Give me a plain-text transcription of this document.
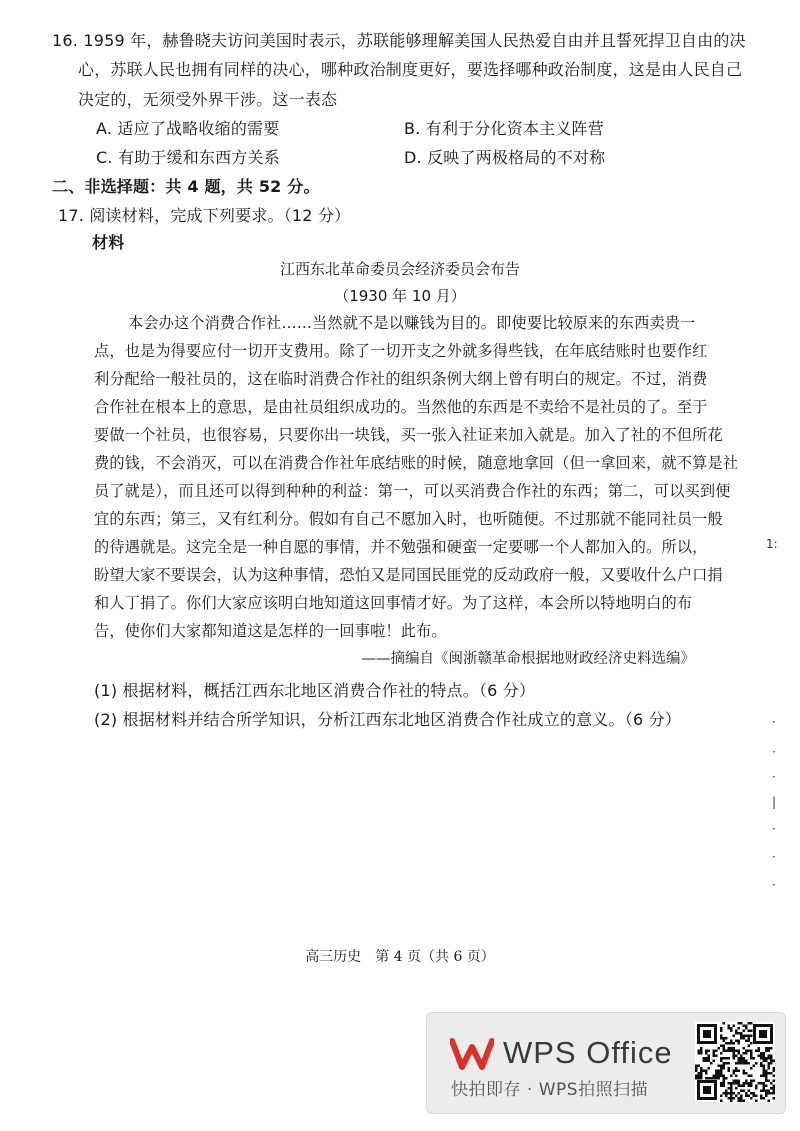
16. 1959 年，赫鲁晓夫访问美国时表示，苏联能够理解美国人民热爱自由并且誓死捍卫自由的决
心，苏联人民也拥有同样的决心，哪种政治制度更好，要选择哪种政治制度，这是由人民自己
决定的，无须受外界干涉。这一表态
A. 适应了战略收缩的需要	B. 有利于分化资本主义阵营
C. 有助于缓和东西方关系	D. 反映了两极格局的不对称
二、非选择题：共 4 题，共 52 分。
17. 阅读材料，完成下列要求。（12 分）
材料
江西东北革命委员会经济委员会布告
（1930 年 10 月）
本会办这个消费合作社……当然就不是以赚钱为目的。即使要比较原来的东西卖贵一
点，也是为得要应付一切开支费用。除了一切开支之外就多得些钱，在年底结账时也要作红
利分配给一般社员的，这在临时消费合作社的组织条例大纲上曾有明白的规定。不过，消费
合作社在根本上的意思，是由社员组织成功的。当然他的东西是不卖给不是社员的了。至于
要做一个社员，也很容易，只要你出一块钱，买一张入社证来加入就是。加入了社的不但所花
费的钱，不会消灭，可以在消费合作社年底结账的时候，随意地拿回（但一拿回来，就不算是社
员了就是），而且还可以得到种种的利益：第一，可以买消费合作社的东西；第二，可以买到便
宜的东西；第三，又有红利分。假如有自己不愿加入时，也听随便。不过那就不能同社员一般
的待遇就是。这完全是一种自愿的事情，并不勉强和硬蛮一定要哪一个人都加入的。所以，
盼望大家不要误会，认为这种事情，恐怕又是同国民匪党的反动政府一般，又要收什么户口捐
和人丁捐了。你们大家应该明白地知道这回事情才好。为了这样，本会所以特地明白的布
告，使你们大家都知道这是怎样的一回事啦！此布。
——摘编自《闽浙赣革命根据地财政经济史料选编》
(1) 根据材料，概括江西东北地区消费合作社的特点。（6 分）
(2) 根据材料并结合所学知识，分析江西东北地区消费合作社成立的意义。（6 分）
1:
·
·
·
|
·
·
·
高三历史　第 4 页（共 6 页）
WPS Office
快拍即存 · WPS拍照扫描
